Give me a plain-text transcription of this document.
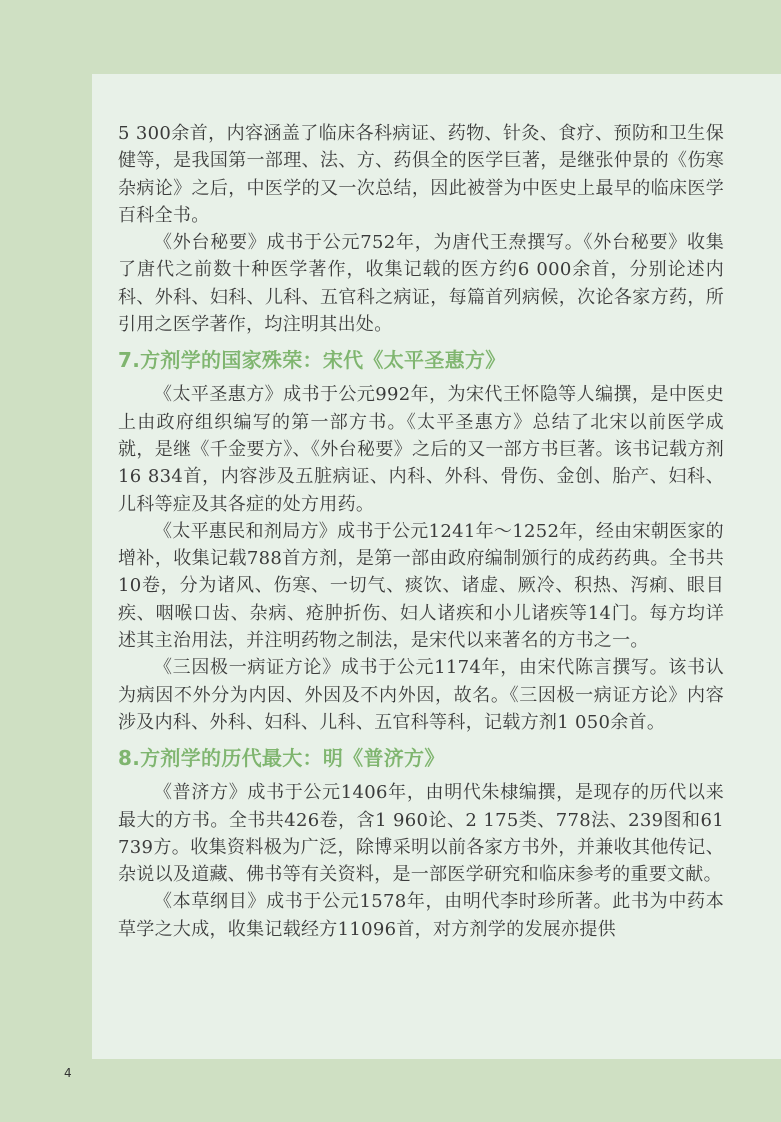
5 300余首，内容涵盖了临床各科病证、药物、针灸、食疗、预防和卫生保健等，是我国第一部理、法、方、药俱全的医学巨著，是继张仲景的《伤寒杂病论》之后，中医学的又一次总结，因此被誉为中医史上最早的临床医学百科全书。

《外台秘要》成书于公元752年，为唐代王焘撰写。《外台秘要》收集了唐代之前数十种医学著作，收集记载的医方约6 000余首，分别论述内科、外科、妇科、儿科、五官科之病证，每篇首列病候，次论各家方药，所引用之医学著作，均注明其出处。

7.方剂学的国家殊荣：宋代《太平圣惠方》

《太平圣惠方》成书于公元992年，为宋代王怀隐等人编撰，是中医史上由政府组织编写的第一部方书。《太平圣惠方》总结了北宋以前医学成就，是继《千金要方》、《外台秘要》之后的又一部方书巨著。该书记载方剂16 834首，内容涉及五脏病证、内科、外科、骨伤、金创、胎产、妇科、儿科等症及其各症的处方用药。

《太平惠民和剂局方》成书于公元1241年～1252年，经由宋朝医家的增补，收集记载788首方剂，是第一部由政府编制颁行的成药药典。全书共10卷，分为诸风、伤寒、一切气、痰饮、诸虚、厥冷、积热、泻痢、眼目疾、咽喉口齿、杂病、疮肿折伤、妇人诸疾和小儿诸疾等14门。每方均详述其主治用法，并注明药物之制法，是宋代以来著名的方书之一。

《三因极一病证方论》成书于公元1174年，由宋代陈言撰写。该书认为病因不外分为内因、外因及不内外因，故名。《三因极一病证方论》内容涉及内科、外科、妇科、儿科、五官科等科，记载方剂1 050余首。

8.方剂学的历代最大：明《普济方》

《普济方》成书于公元1406年，由明代朱棣编撰，是现存的历代以来最大的方书。全书共426卷，含1 960论、2 175类、778法、239图和61 739方。收集资料极为广泛，除博采明以前各家方书外，并兼收其他传记、杂说以及道藏、佛书等有关资料，是一部医学研究和临床参考的重要文献。

《本草纲目》成书于公元1578年，由明代李时珍所著。此书为中药本草学之大成，收集记载经方11096首，对方剂学的发展亦提供

4
